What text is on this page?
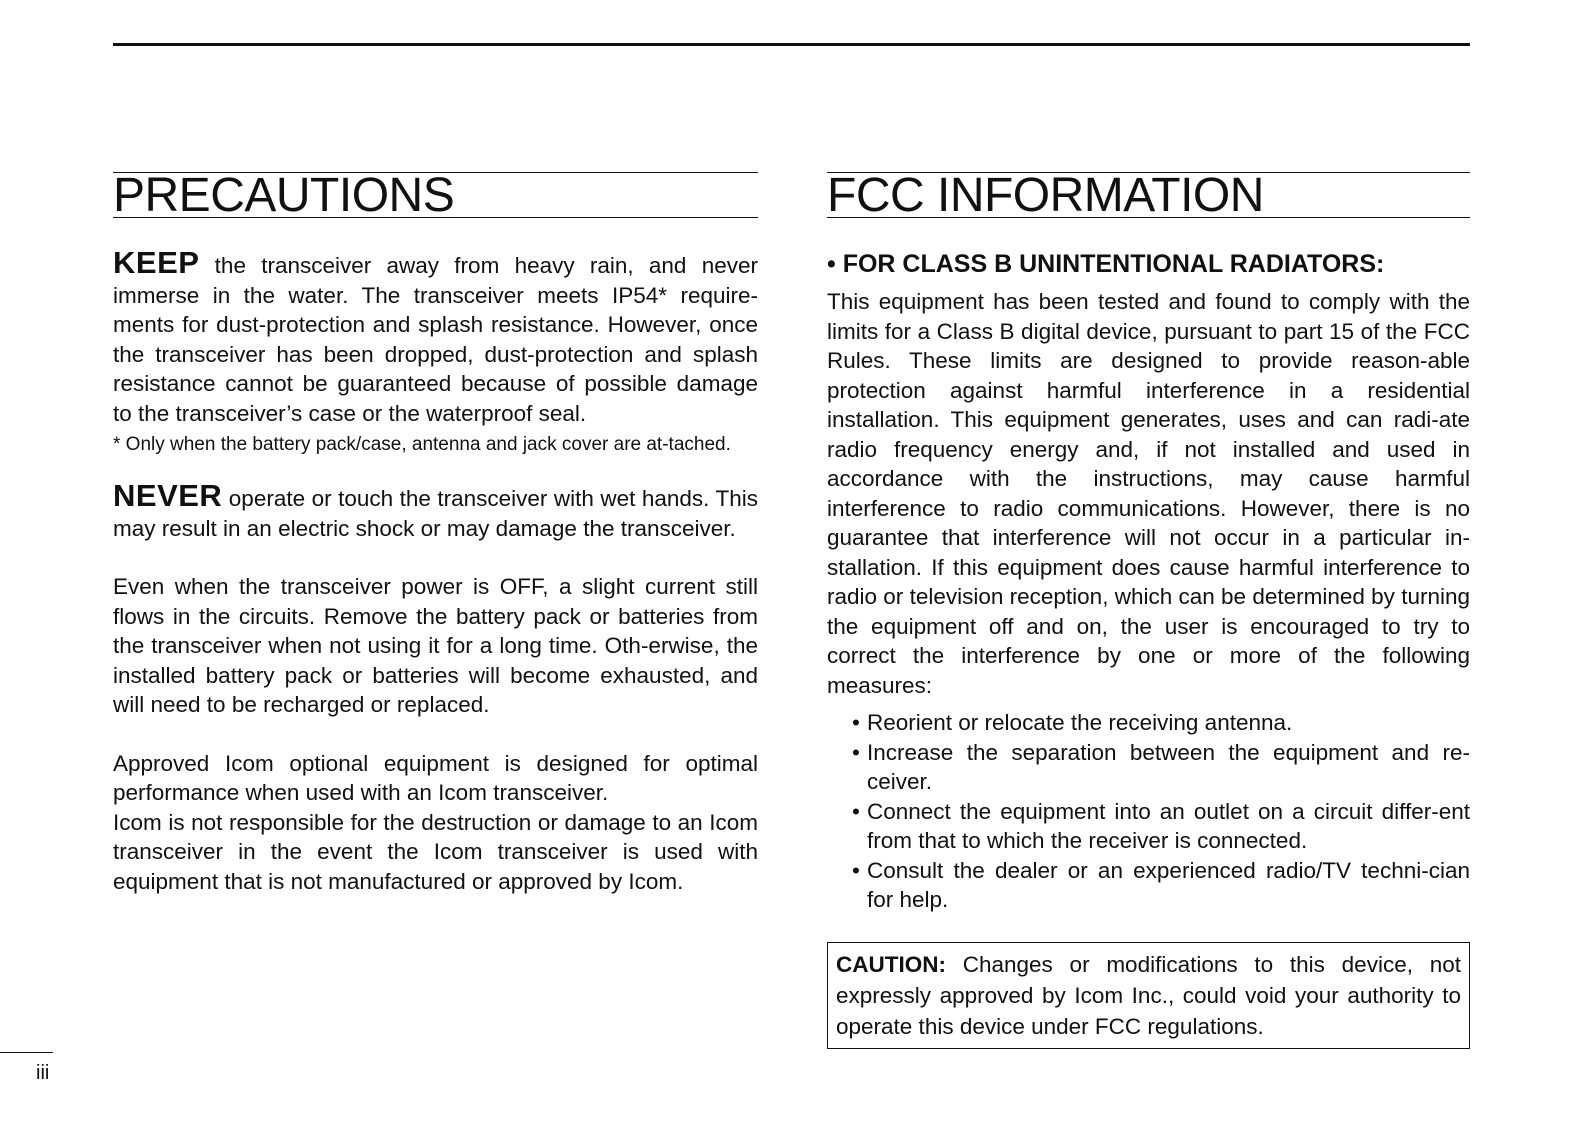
PRECAUTIONS

KEEP the transceiver away from heavy rain, and never immerse in the water. The transceiver meets IP54* require-ments for dust-protection and splash resistance. However, once the transceiver has been dropped, dust-protection and splash resistance cannot be guaranteed because of possible damage to the transceiver’s case or the waterproof seal.

* Only when the battery pack/case, antenna and jack cover are at-tached.

NEVER operate or touch the transceiver with wet hands. This may result in an electric shock or may damage the transceiver.

Even when the transceiver power is OFF, a slight current still flows in the circuits. Remove the battery pack or batteries from the transceiver when not using it for a long time. Oth-erwise, the installed battery pack or batteries will become exhausted, and will need to be recharged or replaced.

Approved Icom optional equipment is designed for optimal performance when used with an Icom transceiver.

Icom is not responsible for the destruction or damage to an Icom transceiver in the event the Icom transceiver is used with equipment that is not manufactured or approved by Icom.

FCC INFORMATION

• FOR CLASS B UNINTENTIONAL RADIATORS:

This equipment has been tested and found to comply with the limits for a Class B digital device, pursuant to part 15 of the FCC Rules. These limits are designed to provide reason-able protection against harmful interference in a residential installation. This equipment generates, uses and can radi-ate radio frequency energy and, if not installed and used in accordance with the instructions, may cause harmful interference to radio communications. However, there is no guarantee that interference will not occur in a particular in-stallation. If this equipment does cause harmful interference to radio or television reception, which can be determined by turning the equipment off and on, the user is encouraged to try to correct the interference by one or more of the following measures:

• Reorient or relocate the receiving antenna.
• Increase the separation between the equipment and re-ceiver.
• Connect the equipment into an outlet on a circuit differ-ent from that to which the receiver is connected.
• Consult the dealer or an experienced radio/TV techni-cian for help.
CAUTION: Changes or modifications to this device, not expressly approved by Icom Inc., could void your authority to operate this device under FCC regulations.
iii
